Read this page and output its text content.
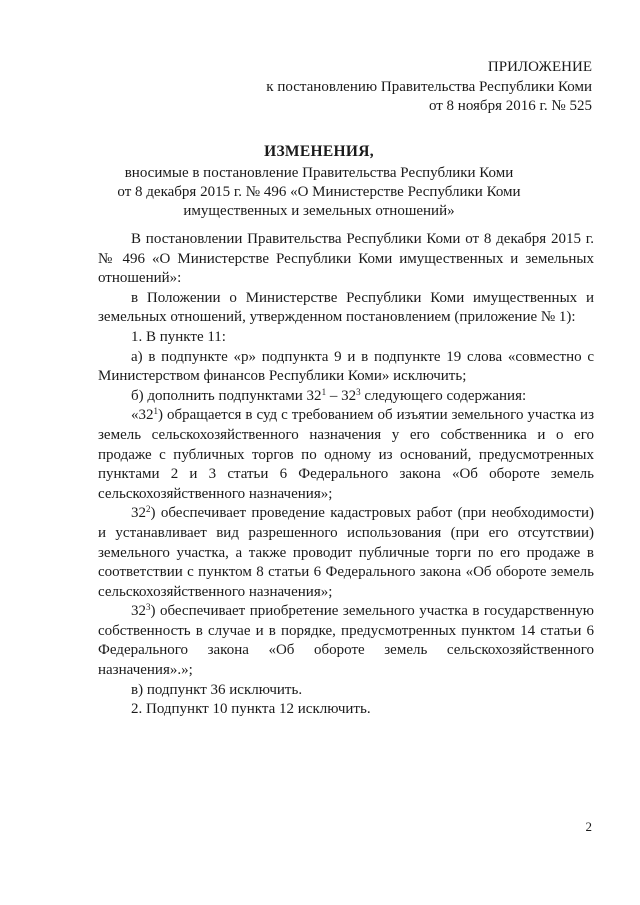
ПРИЛОЖЕНИЕ
к постановлению Правительства Республики Коми
от 8 ноября 2016 г. № 525
ИЗМЕНЕНИЯ,
вносимые в постановление Правительства Республики Коми
от 8 декабря 2015 г. № 496 «О Министерстве Республики Коми
имущественных и земельных отношений»

В постановлении Правительства Республики Коми от 8 декабря 2015 г. № 496 «О Министерстве Республики Коми имущественных и земельных отношений»:

в Положении о Министерстве Республики Коми имущественных и земельных отношений, утвержденном постановлением (приложение № 1):

1. В пункте 11:

а) в подпункте «р» подпункта 9 и в подпункте 19 слова «совместно с Министерством финансов Республики Коми» исключить;

б) дополнить подпунктами $32^1 - 32^3$ следующего содержания:

«$32^1$) обращается в суд с требованием об изъятии земельного участка из земель сельскохозяйственного назначения у его собственника и о его продаже с публичных торгов по одному из оснований, предусмотренных пунктами 2 и 3 статьи 6 Федерального закона «Об обороте земель сельскохозяйственного назначения»;

$32^2$) обеспечивает проведение кадастровых работ (при необходимости) и устанавливает вид разрешенного использования (при его отсутствии) земельного участка, а также проводит публичные торги по его продаже в соответствии с пунктом 8 статьи 6 Федерального закона «Об обороте земель сельскохозяйственного назначения»;

$32^3$) обеспечивает приобретение земельного участка в государственную собственность в случае и в порядке, предусмотренных пунктом 14 статьи 6 Федерального закона «Об обороте земель сельскохозяйственного назначения».»;

в) подпункт 36 исключить.

2. Подпункт 10 пункта 12 исключить.

2
